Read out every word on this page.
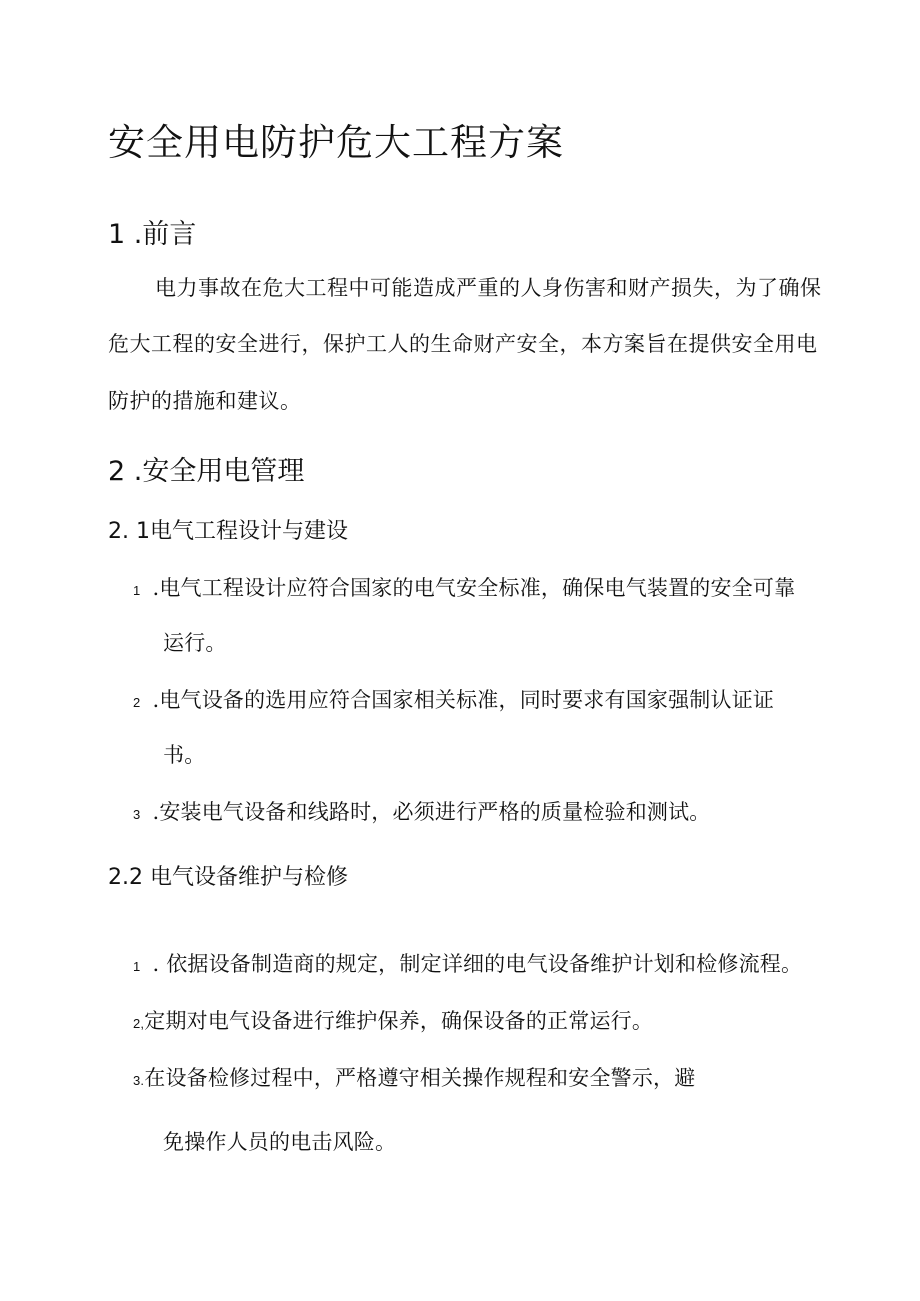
安全用电防护危大工程方案
1 .前言
电力事故在危大工程中可能造成严重的人身伤害和财产损失，为了确保
危大工程的安全进行，保护工人的生命财产安全，本方案旨在提供安全用电
防护的措施和建议。
2 .安全用电管理
2. 1电气工程设计与建设
1 .电气工程设计应符合国家的电气安全标准，确保电气装置的安全可靠
运行。
2 .电气设备的选用应符合国家相关标准，同时要求有国家强制认证证
书。
3 .安装电气设备和线路时，必须进行严格的质量检验和测试。
2.2 电气设备维护与检修
1 . 依据设备制造商的规定，制定详细的电气设备维护计划和检修流程。
2,定期对电气设备进行维护保养，确保设备的正常运行。
3.在设备检修过程中，严格遵守相关操作规程和安全警示，避
免操作人员的电击风险。
